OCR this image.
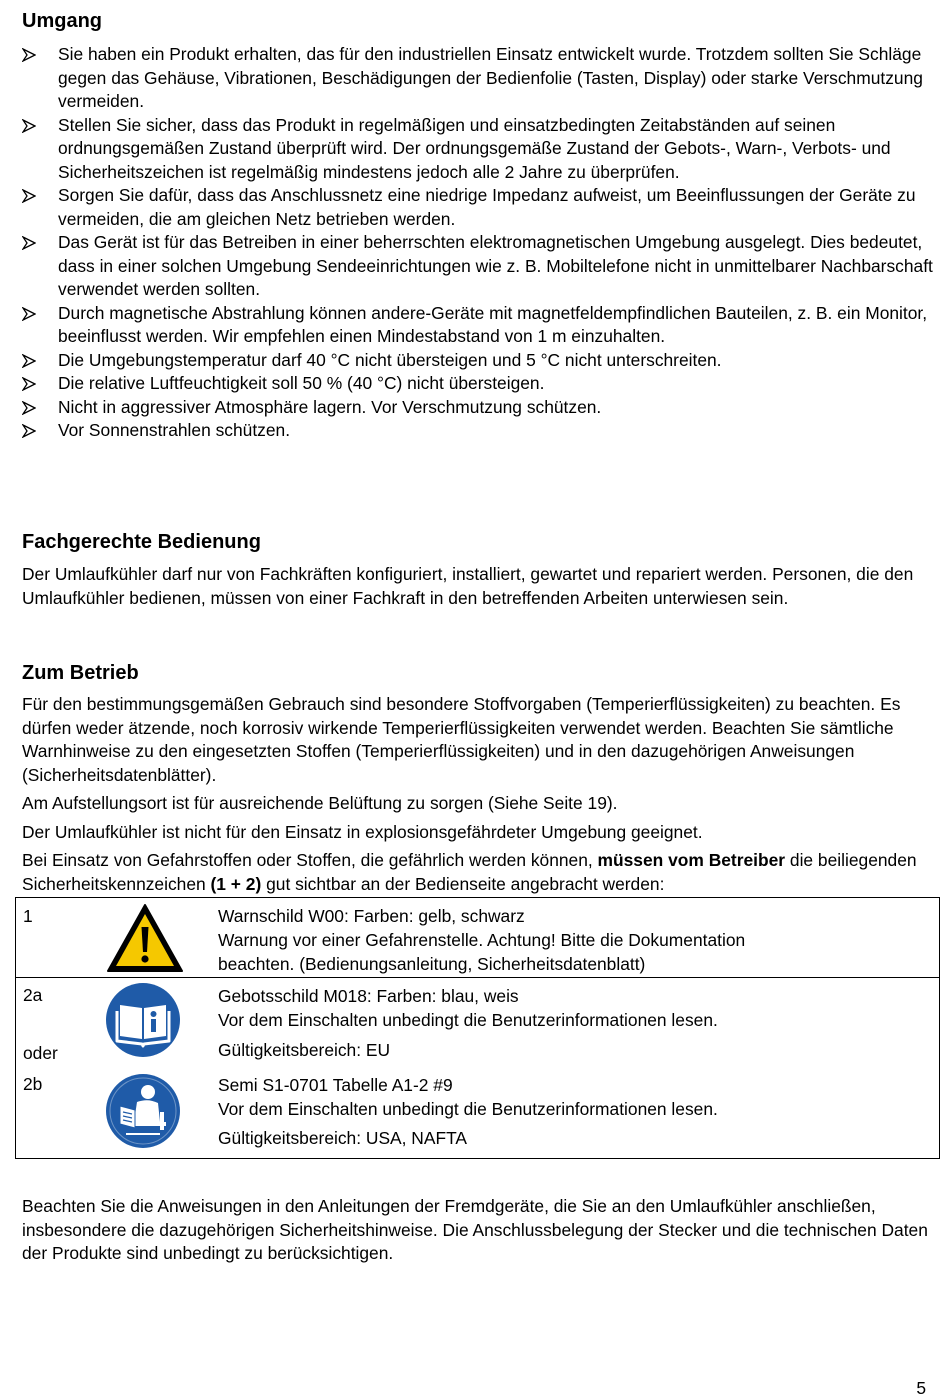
Umgang
Sie haben ein Produkt erhalten, das für den industriellen Einsatz entwickelt wurde. Trotzdem sollten Sie Schläge gegen das Gehäuse, Vibrationen, Beschädigungen der Bedienfolie (Tasten, Display) oder starke Verschmutzung vermeiden.
Stellen Sie sicher, dass das Produkt in regelmäßigen und einsatzbedingten Zeitabständen auf seinen ordnungsgemäßen Zustand überprüft wird. Der ordnungsgemäße Zustand der Gebots-, Warn-, Verbots- und Sicherheitszeichen ist regelmäßig mindestens jedoch alle 2 Jahre zu überprüfen.
Sorgen Sie dafür, dass das Anschlussnetz eine niedrige Impedanz aufweist, um Beeinflussungen der Geräte zu vermeiden, die am gleichen Netz betrieben werden.
Das Gerät ist für das Betreiben in einer beherrschten elektromagnetischen Umgebung ausgelegt. Dies bedeutet, dass in einer solchen Umgebung Sendeeinrichtungen wie z. B. Mobiltelefone nicht in unmittelbarer Nachbarschaft verwendet werden sollten.
Durch magnetische Abstrahlung können andere-Geräte mit magnetfeldempfindlichen Bauteilen, z. B. ein Monitor, beeinflusst werden. Wir empfehlen einen Mindestabstand von 1 m einzuhalten.
Die Umgebungstemperatur darf 40 °C nicht übersteigen und 5 °C nicht unterschreiten.
Die relative Luftfeuchtigkeit soll 50 % (40 °C) nicht übersteigen.
Nicht in aggressiver Atmosphäre lagern. Vor Verschmutzung schützen.
Vor Sonnenstrahlen schützen.
Fachgerechte Bedienung

Der Umlaufkühler darf nur von Fachkräften konfiguriert, installiert, gewartet und repariert werden. Personen, die den Umlaufkühler bedienen, müssen von einer Fachkraft in den betreffenden Arbeiten unterwiesen sein.

Zum Betrieb

Für den bestimmungsgemäßen Gebrauch sind besondere Stoffvorgaben (Temperierflüssigkeiten) zu beachten. Es dürfen weder ätzende, noch korrosiv wirkende Temperierflüssigkeiten verwendet werden. Beachten Sie sämtliche Warnhinweise zu den eingesetzten Stoffen (Temperierflüssigkeiten) und in den dazugehörigen Anweisungen (Sicherheitsdatenblätter).

Am Aufstellungsort ist für ausreichende Belüftung zu sorgen (Siehe Seite 19).

Der Umlaufkühler ist nicht für den Einsatz in explosionsgefährdeter Umgebung geeignet.

Bei Einsatz von Gefahrstoffen oder Stoffen, die gefährlich werden können, müssen vom Betreiber die beiliegenden Sicherheitskennzeichen (1 + 2) gut sichtbar an der Bedienseite angebracht werden:

1	Warnschild W00: Farben: gelb, schwarz
Warnung vor einer Gefahrenstelle. Achtung! Bitte die Dokumentation
beachten. (Bedienungsanleitung, Sicherheitsdatenblatt)
2a
oder
2b
Gebotsschild M018: Farben: blau, weis
Vor dem Einschalten unbedingt die Benutzerinformationen lesen.
Gültigkeitsbereich: EU
Semi S1-0701 Tabelle A1-2 #9
Vor dem Einschalten unbedingt die Benutzerinformationen lesen.
Gültigkeitsbereich: USA, NAFTA

Beachten Sie die Anweisungen in den Anleitungen der Fremdgeräte, die Sie an den Umlaufkühler anschließen, insbesondere die dazugehörigen Sicherheitshinweise. Die Anschlussbelegung der Stecker und die technischen Daten der Produkte sind unbedingt zu berücksichtigen.

5
